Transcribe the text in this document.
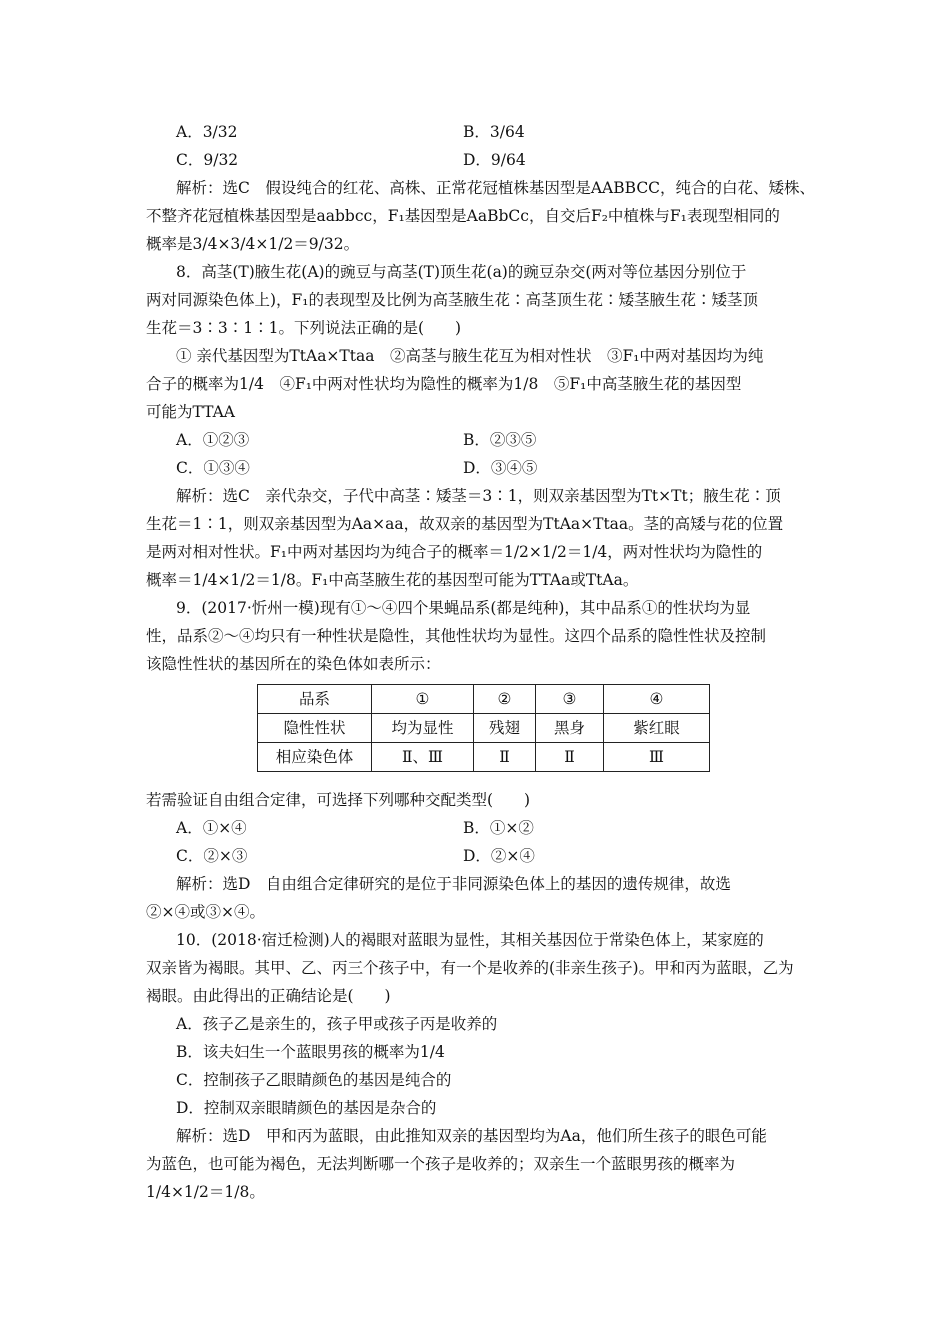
A．3/32	B．3/64
C．9/32	D．9/64
解析：选C　假设纯合的红花、高株、正常花冠植株基因型是AABBCC，纯合的白花、矮株、
不整齐花冠植株基因型是aabbcc，F₁基因型是AaBbCc，自交后F₂中植株与F₁表现型相同的
概率是3/4×3/4×1/2＝9/32。
8．高茎(T)腋生花(A)的豌豆与高茎(T)顶生花(a)的豌豆杂交(两对等位基因分别位于
两对同源染色体上)，F₁的表现型及比例为高茎腋生花∶高茎顶生花∶矮茎腋生花∶矮茎顶
生花＝3∶3∶1∶1。下列说法正确的是(　　)
① 亲代基因型为TtAa×Ttaa　②高茎与腋生花互为相对性状　③F₁中两对基因均为纯
合子的概率为1/4　④F₁中两对性状均为隐性的概率为1/8　⑤F₁中高茎腋生花的基因型
可能为TTAA
A．①②③	B．②③⑤
C．①③④	D．③④⑤
解析：选C　亲代杂交，子代中高茎∶矮茎＝3∶1，则双亲基因型为Tt×Tt；腋生花∶顶
生花＝1∶1，则双亲基因型为Aa×aa，故双亲的基因型为TtAa×Ttaa。茎的高矮与花的位置
是两对相对性状。F₁中两对基因均为纯合子的概率＝1/2×1/2＝1/4，两对性状均为隐性的
概率＝1/4×1/2＝1/8。F₁中高茎腋生花的基因型可能为TTAa或TtAa。
9．(2017·忻州一模)现有①～④四个果蝇品系(都是纯种)，其中品系①的性状均为显
性，品系②～④均只有一种性状是隐性，其他性状均为显性。这四个品系的隐性性状及控制
该隐性性状的基因所在的染色体如表所示：
品系	①	②	③	④
隐性性状	均为显性	残翅	黑身	紫红眼
相应染色体	Ⅱ、Ⅲ	Ⅱ	Ⅱ	Ⅲ
若需验证自由组合定律，可选择下列哪种交配类型(　　)
A．①×④	B．①×②
C．②×③	D．②×④
解析：选D　自由组合定律研究的是位于非同源染色体上的基因的遗传规律，故选
②×④或③×④。
10．(2018·宿迁检测)人的褐眼对蓝眼为显性，其相关基因位于常染色体上，某家庭的
双亲皆为褐眼。其甲、乙、丙三个孩子中，有一个是收养的(非亲生孩子)。甲和丙为蓝眼，乙为
褐眼。由此得出的正确结论是(　　)
A．孩子乙是亲生的，孩子甲或孩子丙是收养的
B．该夫妇生一个蓝眼男孩的概率为1/4
C．控制孩子乙眼睛颜色的基因是纯合的
D．控制双亲眼睛颜色的基因是杂合的
解析：选D　甲和丙为蓝眼，由此推知双亲的基因型均为Aa，他们所生孩子的眼色可能
为蓝色，也可能为褐色，无法判断哪一个孩子是收养的；双亲生一个蓝眼男孩的概率为
1/4×1/2＝1/8。
